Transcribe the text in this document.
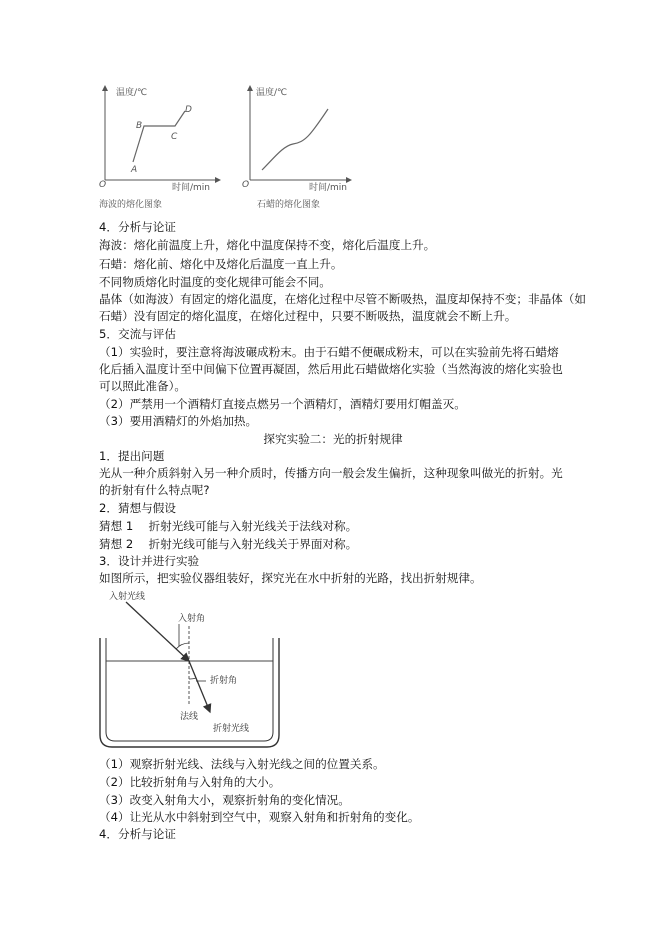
温度/℃
时间/min
O
A
B
C
D
海波的熔化图象
温度/℃
时间/min
O
石蜡的熔化图象
4．分析与论证
海波：熔化前温度上升，熔化中温度保持不变，熔化后温度上升。
石蜡：熔化前、熔化中及熔化后温度一直上升。
不同物质熔化时温度的变化规律可能会不同。
晶体（如海波）有固定的熔化温度，在熔化过程中尽管不断吸热，温度却保持不变；非晶体（如
石蜡）没有固定的熔化温度，在熔化过程中，只要不断吸热，温度就会不断上升。
5．交流与评估
（1）实验时，要注意将海波碾成粉末。由于石蜡不便碾成粉末，可以在实验前先将石蜡熔
化后插入温度计至中间偏下位置再凝固，然后用此石蜡做熔化实验（当然海波的熔化实验也
可以照此准备）。
（2）严禁用一个酒精灯直接点燃另一个酒精灯，酒精灯要用灯帽盖灭。
（3）要用酒精灯的外焰加热。
探究实验二：光的折射规律
1．提出问题
光从一种介质斜射入另一种介质时，传播方向一般会发生偏折，这种现象叫做光的折射。光
的折射有什么特点呢?
2．猜想与假设
猜想 1　 折射光线可能与入射光线关于法线对称。
猜想 2　 折射光线可能与入射光线关于界面对称。
3．设计并进行实验
如图所示，把实验仪器组装好，探究光在水中折射的光路，找出折射规律。
入射光线
入射角
折射角
法线
折射光线
（1）观察折射光线、法线与入射光线之间的位置关系。
（2）比较折射角与入射角的大小。
（3）改变入射角大小，观察折射角的变化情况。
（4）让光从水中斜射到空气中，观察入射角和折射角的变化。
4．分析与论证
